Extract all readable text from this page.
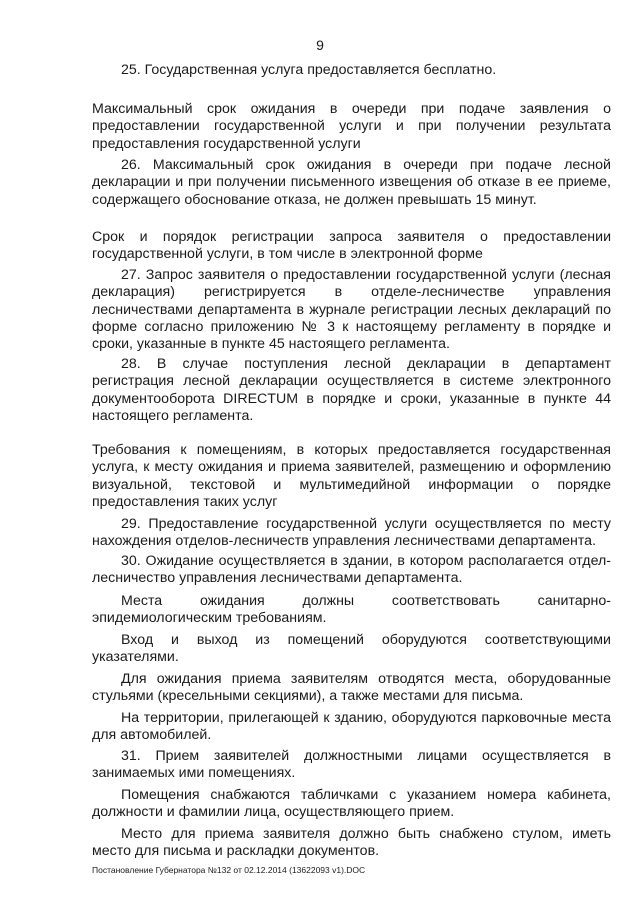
9

25. Государственная услуга предоставляется бесплатно.

Максимальный срок ожидания в очереди при подаче заявления о предоставлении государственной услуги и при получении результата предоставления государственной услуги

26. Максимальный срок ожидания в очереди при подаче лесной декларации и при получении письменного извещения об отказе в ее приеме, содержащего обоснование отказа, не должен превышать 15 минут.

Срок и порядок регистрации запроса заявителя о предоставлении государственной услуги, в том числе в электронной форме

27. Запрос заявителя о предоставлении государственной услуги (лесная декларация) регистрируется в отделе-лесничестве управления лесничествами департамента в журнале регистрации лесных деклараций по форме согласно приложению № 3 к настоящему регламенту в порядке и сроки, указанные в пункте 45 настоящего регламента.

28. В случае поступления лесной декларации в департамент регистрация лесной декларации осуществляется в системе электронного документооборота DIRECTUM в порядке и сроки, указанные в пункте 44 настоящего регламента.

Требования к помещениям, в которых предоставляется государственная услуга, к месту ожидания и приема заявителей, размещению и оформлению визуальной, текстовой и мультимедийной информации о порядке предоставления таких услуг

29. Предоставление государственной услуги осуществляется по месту нахождения отделов-лесничеств управления лесничествами департамента.

30. Ожидание осуществляется в здании, в котором располагается отдел-лесничество управления лесничествами департамента.

Места ожидания должны соответствовать санитарно-эпидемиологическим требованиям.

Вход и выход из помещений оборудуются соответствующими указателями.

Для ожидания приема заявителям отводятся места, оборудованные стульями (кресельными секциями), а также местами для письма.

На территории, прилегающей к зданию, оборудуются парковочные места для автомобилей.

31. Прием заявителей должностными лицами осуществляется в занимаемых ими помещениях.

Помещения снабжаются табличками с указанием номера кабинета, должности и фамилии лица, осуществляющего прием.

Место для приема заявителя должно быть снабжено стулом, иметь место для письма и раскладки документов.

Постановление Губернатора №132 от 02.12.2014 (13622093 v1).DOC
